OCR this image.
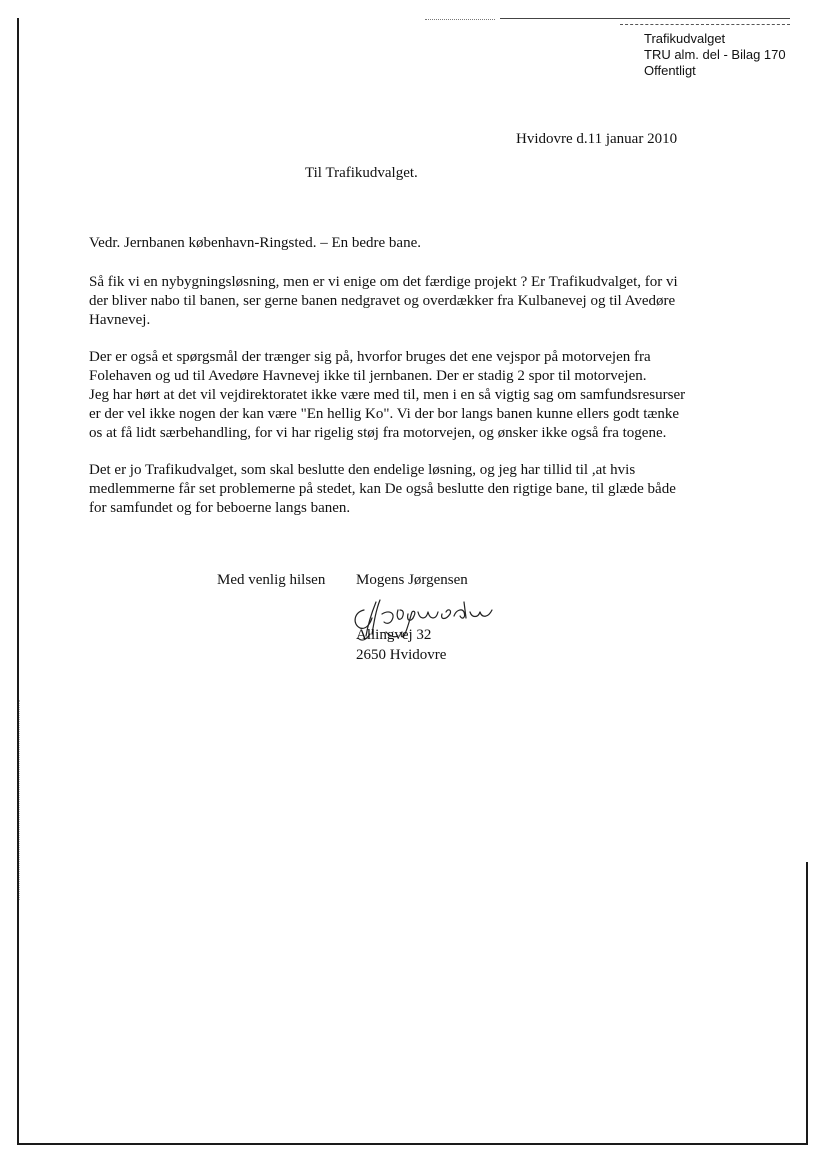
Trafikudvalget
TRU alm. del - Bilag 170
Offentligt
Hvidovre d.11 januar 2010
Til Trafikudvalget.

Vedr. Jernbanen københavn-Ringsted. – En bedre bane.

Så fik vi en nybygningsløsning, men er vi enige om det færdige projekt ? Er Trafikudvalget, for vi
der bliver nabo til banen, ser gerne banen nedgravet og overdækker fra Kulbanevej og til Avedøre
Havnevej.

Der er også et spørgsmål der trænger sig på, hvorfor bruges det ene vejspor på motorvejen fra
Folehaven og ud til Avedøre Havnevej ikke til jernbanen. Der er stadig 2 spor til motorvejen.
Jeg har hørt at det vil vejdirektoratet ikke være med til, men i en så vigtig sag om samfundsresurser
er der vel ikke nogen der kan være "En hellig Ko". Vi der bor langs banen kunne ellers godt tænke
os at få lidt særbehandling, for vi har rigelig støj fra motorvejen, og ønsker ikke også fra togene.

Det er jo Trafikudvalget, som skal beslutte den endelige løsning, og jeg har tillid til ,at hvis
medlemmerne får set problemerne på stedet, kan De også beslutte den rigtige bane, til glæde både
for samfundet og for beboerne langs banen.

Med venlig hilsen Mogens Jørgensen
Allingvej 32
2650 Hvidovre
